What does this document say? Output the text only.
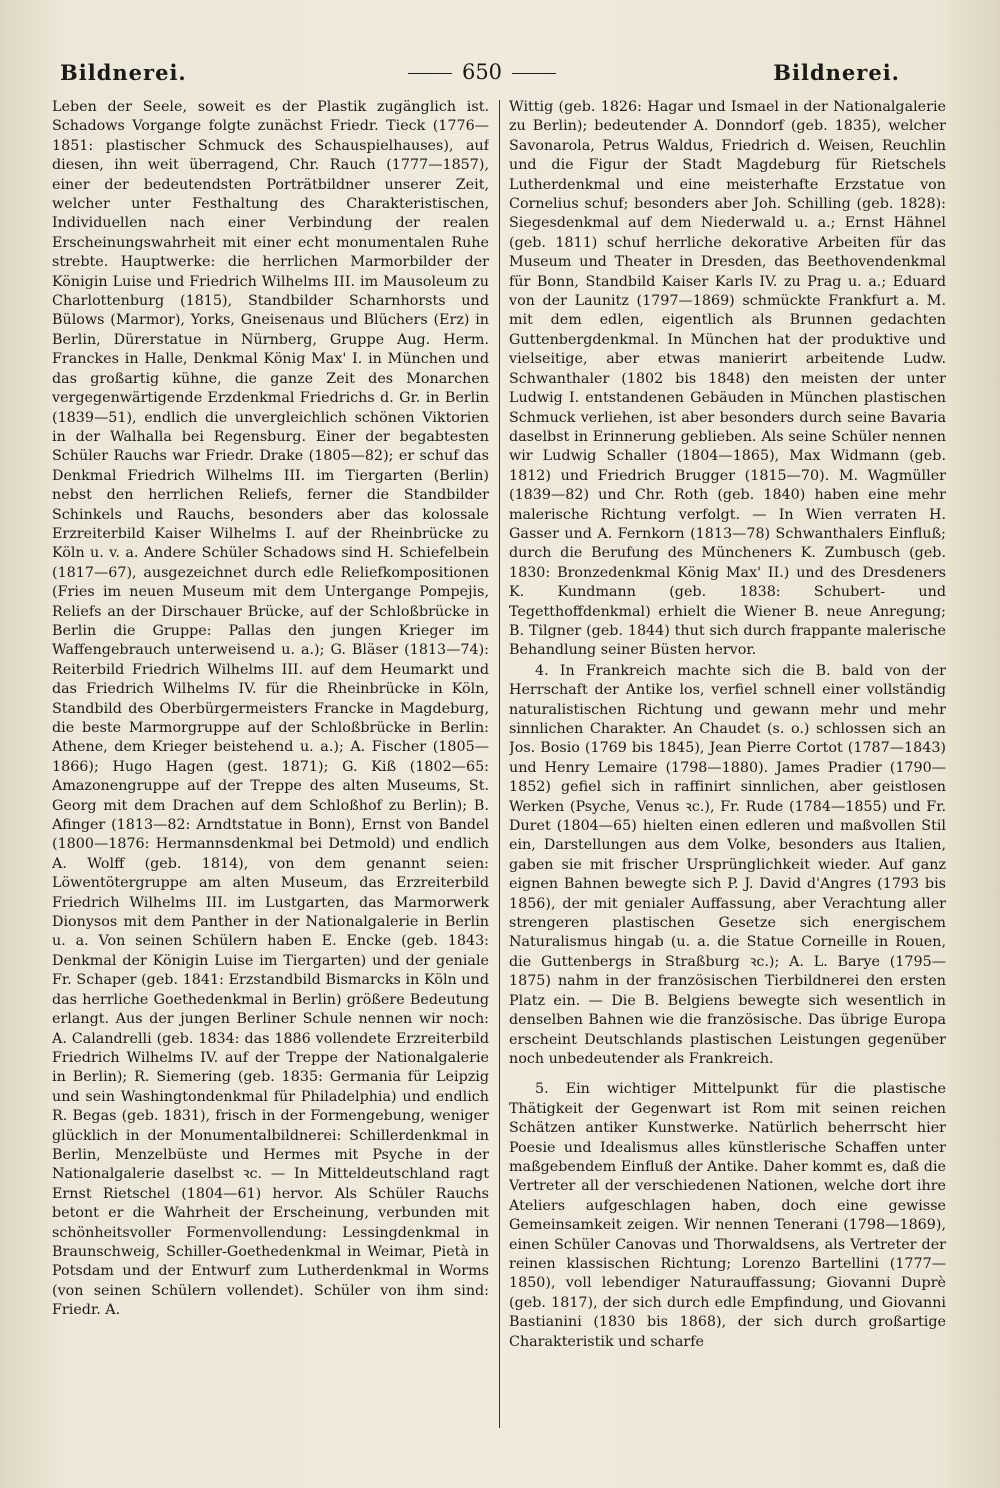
Bildnerei.	650	Bildnerei.

Leben der Seele, soweit es der Plastik zugänglich ist. Schadows Vorgange folgte zunächst Friedr. Tieck (1776—1851: plastischer Schmuck des Schauspielhauses), auf diesen, ihn weit überragend, Chr. Rauch (1777—1857), einer der bedeutendsten Porträtbildner unserer Zeit, welcher unter Festhaltung des Charakteristischen, Individuellen nach einer Verbindung der realen Erscheinungswahrheit mit einer echt monumentalen Ruhe strebte. Hauptwerke: die herrlichen Marmorbilder der Königin Luise und Friedrich Wilhelms III. im Mausoleum zu Charlottenburg (1815), Standbilder Scharnhorsts und Bülows (Marmor), Yorks, Gneisenaus und Blüchers (Erz) in Berlin, Dürerstatue in Nürnberg, Gruppe Aug. Herm. Franckes in Halle, Denkmal König Max' I. in München und das großartig kühne, die ganze Zeit des Monarchen vergegenwärtigende Erzdenkmal Friedrichs d. Gr. in Berlin (1839—51), endlich die unvergleichlich schönen Viktorien in der Walhalla bei Regensburg. Einer der begabtesten Schüler Rauchs war Friedr. Drake (1805—82); er schuf das Denkmal Friedrich Wilhelms III. im Tiergarten (Berlin) nebst den herrlichen Reliefs, ferner die Standbilder Schinkels und Rauchs, besonders aber das kolossale Erzreiterbild Kaiser Wilhelms I. auf der Rheinbrücke zu Köln u. v. a. Andere Schüler Schadows sind H. Schiefelbein (1817—67), ausgezeichnet durch edle Reliefkompositionen (Fries im neuen Museum mit dem Untergange Pompejis, Reliefs an der Dirschauer Brücke, auf der Schloßbrücke in Berlin die Gruppe: Pallas den jungen Krieger im Waffengebrauch unterweisend u. a.); G. Bläser (1813—74): Reiterbild Friedrich Wilhelms III. auf dem Heumarkt und das Friedrich Wilhelms IV. für die Rheinbrücke in Köln, Standbild des Oberbürgermeisters Francke in Magdeburg, die beste Marmorgruppe auf der Schloßbrücke in Berlin: Athene, dem Krieger beistehend u. a.); A. Fischer (1805—1866); Hugo Hagen (gest. 1871); G. Kiß (1802—65: Amazonengruppe auf der Treppe des alten Museums, St. Georg mit dem Drachen auf dem Schloßhof zu Berlin); B. Afinger (1813—82: Arndtstatue in Bonn), Ernst von Bandel (1800—1876: Hermannsdenkmal bei Detmold) und endlich A. Wolff (geb. 1814), von dem genannt seien: Löwentötergruppe am alten Museum, das Erzreiterbild Friedrich Wilhelms III. im Lustgarten, das Marmorwerk Dionysos mit dem Panther in der Nationalgalerie in Berlin u. a. Von seinen Schülern haben E. Encke (geb. 1843: Denkmal der Königin Luise im Tiergarten) und der geniale Fr. Schaper (geb. 1841: Erzstandbild Bismarcks in Köln und das herrliche Goethedenkmal in Berlin) größere Bedeutung erlangt. Aus der jungen Berliner Schule nennen wir noch: A. Calandrelli (geb. 1834: das 1886 vollendete Erzreiterbild Friedrich Wilhelms IV. auf der Treppe der Nationalgalerie in Berlin); R. Siemering (geb. 1835: Germania für Leipzig und sein Washingtondenkmal für Philadelphia) und endlich R. Begas (geb. 1831), frisch in der Formengebung, weniger glücklich in der Monumentalbildnerei: Schillerdenkmal in Berlin, Menzelbüste und Hermes mit Psyche in der Nationalgalerie daselbst ꝛc. — In Mitteldeutschland ragt Ernst Rietschel (1804—61) hervor. Als Schüler Rauchs betont er die Wahrheit der Erscheinung, verbunden mit schönheitsvoller Formenvollendung: Lessingdenkmal in Braunschweig, Schiller-Goethedenkmal in Weimar, Pietà in Potsdam und der Entwurf zum Lutherdenkmal in Worms (von seinen Schülern vollendet). Schüler von ihm sind: Friedr. A.

Wittig (geb. 1826: Hagar und Ismael in der Nationalgalerie zu Berlin); bedeutender A. Donndorf (geb. 1835), welcher Savonarola, Petrus Waldus, Friedrich d. Weisen, Reuchlin und die Figur der Stadt Magdeburg für Rietschels Lutherdenkmal und eine meisterhafte Erzstatue von Cornelius schuf; besonders aber Joh. Schilling (geb. 1828): Siegesdenkmal auf dem Niederwald u. a.; Ernst Hähnel (geb. 1811) schuf herrliche dekorative Arbeiten für das Museum und Theater in Dresden, das Beethovendenkmal für Bonn, Standbild Kaiser Karls IV. zu Prag u. a.; Eduard von der Launitz (1797—1869) schmückte Frankfurt a. M. mit dem edlen, eigentlich als Brunnen gedachten Guttenbergdenkmal. In München hat der produktive und vielseitige, aber etwas manierirt arbeitende Ludw. Schwanthaler (1802 bis 1848) den meisten der unter Ludwig I. entstandenen Gebäuden in München plastischen Schmuck verliehen, ist aber besonders durch seine Bavaria daselbst in Erinnerung geblieben. Als seine Schüler nennen wir Ludwig Schaller (1804—1865), Max Widmann (geb. 1812) und Friedrich Brugger (1815—70). M. Wagmüller (1839—82) und Chr. Roth (geb. 1840) haben eine mehr malerische Richtung verfolgt. — In Wien verraten H. Gasser und A. Fernkorn (1813—78) Schwanthalers Einfluß; durch die Berufung des Müncheners K. Zumbusch (geb. 1830: Bronzedenkmal König Max' II.) und des Dresdeners K. Kundmann (geb. 1838: Schubert- und Tegetthoffdenkmal) erhielt die Wiener B. neue Anregung; B. Tilgner (geb. 1844) thut sich durch frappante malerische Behandlung seiner Büsten hervor.

4. In Frankreich machte sich die B. bald von der Herrschaft der Antike los, verfiel schnell einer vollständig naturalistischen Richtung und gewann mehr und mehr sinnlichen Charakter. An Chaudet (s. o.) schlossen sich an Jos. Bosio (1769 bis 1845), Jean Pierre Cortot (1787—1843) und Henry Lemaire (1798—1880). James Pradier (1790—1852) gefiel sich in raffinirt sinnlichen, aber geistlosen Werken (Psyche, Venus ꝛc.), Fr. Rude (1784—1855) und Fr. Duret (1804—65) hielten einen edleren und maßvollen Stil ein, Darstellungen aus dem Volke, besonders aus Italien, gaben sie mit frischer Ursprünglichkeit wieder. Auf ganz eignen Bahnen bewegte sich P. J. David d'Angres (1793 bis 1856), der mit genialer Auffassung, aber Verachtung aller strengeren plastischen Gesetze sich energischem Naturalismus hingab (u. a. die Statue Corneille in Rouen, die Guttenbergs in Straßburg ꝛc.); A. L. Barye (1795—1875) nahm in der französischen Tierbildnerei den ersten Platz ein. — Die B. Belgiens bewegte sich wesentlich in denselben Bahnen wie die französische. Das übrige Europa erscheint Deutschlands plastischen Leistungen gegenüber noch unbedeutender als Frankreich.

5. Ein wichtiger Mittelpunkt für die plastische Thätigkeit der Gegenwart ist Rom mit seinen reichen Schätzen antiker Kunstwerke. Natürlich beherrscht hier Poesie und Idealismus alles künstlerische Schaffen unter maßgebendem Einfluß der Antike. Daher kommt es, daß die Vertreter all der verschiedenen Nationen, welche dort ihre Ateliers aufgeschlagen haben, doch eine gewisse Gemeinsamkeit zeigen. Wir nennen Tenerani (1798—1869), einen Schüler Canovas und Thorwaldsens, als Vertreter der reinen klassischen Richtung; Lorenzo Bartellini (1777—1850), voll lebendiger Naturauffassung; Giovanni Duprè (geb. 1817), der sich durch edle Empfindung, und Giovanni Bastianini (1830 bis 1868), der sich durch großartige Charakteristik und scharfe
